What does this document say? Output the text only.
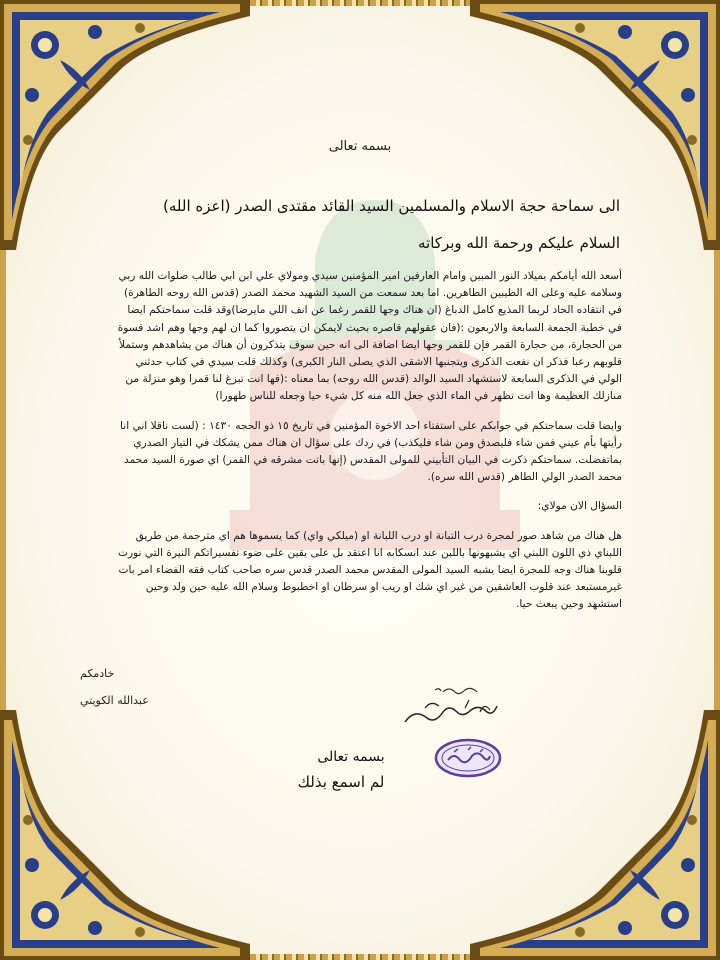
بسمه تعالى
الى سماحة حجة الاسلام والمسلمين السيد القائد مقتدى الصدر (اعزه الله)
السلام عليكم ورحمة الله وبركاته

أسعد الله أيامكم بميلاد النور المبين وامام العارفين امير المؤمنين سيدي ومولاي علي ابن ابي طالب صلوات الله ربي وسلامه عليه وعلى اله الطيبين الطاهرين. اما بعد سمعت من السيد الشهيد محمد الصدر (قدس الله روحه الطاهرة) في انتقاده الحاد لربما المذيع كامل الدباغ (ان هناك وجها للقمر رغما عن انف اللي مايرضا)وقد قلت سماحتكم ايضا في خطبة الجمعة السابعة والاربعون :(فان عقولهم قاصره بحيث لايمكن ان يتصوروا كما ان لهم وجها وهم اشد قسوة من الحجارة، من حجارة القمر فإن للقمر وجها ايضا اضافة الى انه حين سوف يتذكرون أن هناك من يشاهدهم وستملأ قلوبهم رعبا فذكر ان نفعت الذكرى ويتجنبها الاشقى الذي يصلى النار الكبرى) وكذلك قلت سيدي في كتاب حدثني الولي في الذكرى السابعة لاستشهاد السيد الوالد (قدس الله روحه) بما معناه :(فها انت تبزغ لنا قمرا وهو منزلة من منازلك العظيمة وها انت تظهر في الماء الذي جعل الله منه كل شيء حيا وجعله للناس طهورا)

وايضا قلت سماحتكم في جوابكم على استفتاء احد الاخوة المؤمنين في تاريخ ١٥ ذو الحجه ١٤٣٠ : (لست ناقلا اني انا رأيتها بأم عيني فمن شاء فليصدق ومن شاء فليكذب) في ردك على سؤال ان هناك ممن يشكك في التيار الصدري بماتفضلت. سماحتكم ذكرت في البيان التأبيني للمولى المقدس (إنها باتت مشرقه في القمر) اي صورة السيد محمد محمد الصدر الولي الطاهر (قدس الله سره).

السؤال الان مولاي:

هل هناك من شاهد صور لمجرة درب التبانة او درب اللبانة او (ميلكي واي) كما يسموها هم اي مترجمة من طريق اللبناي ذي اللون اللبني اي يشبهونها باللبن عند انسكابه انا اعتقد بل على يقين على ضوء تفسيراتكم النيرة التي نورت قلوبنا هناك وجه للمجرة ايضا يشبه السيد المولى المقدس محمد الصدر قدس سره صاحب كتاب فقه الفضاء امر بات غيرمستبعد عند قلوب العاشقين من غير اي شك او ريب او سرطان او اخطبوط وسلام الله عليه حين ولد وحين استشهد وحين يبعث حيا.

خادمكم
عبدالله الكويتي
بسمه تعالى
لم اسمع بذلك
